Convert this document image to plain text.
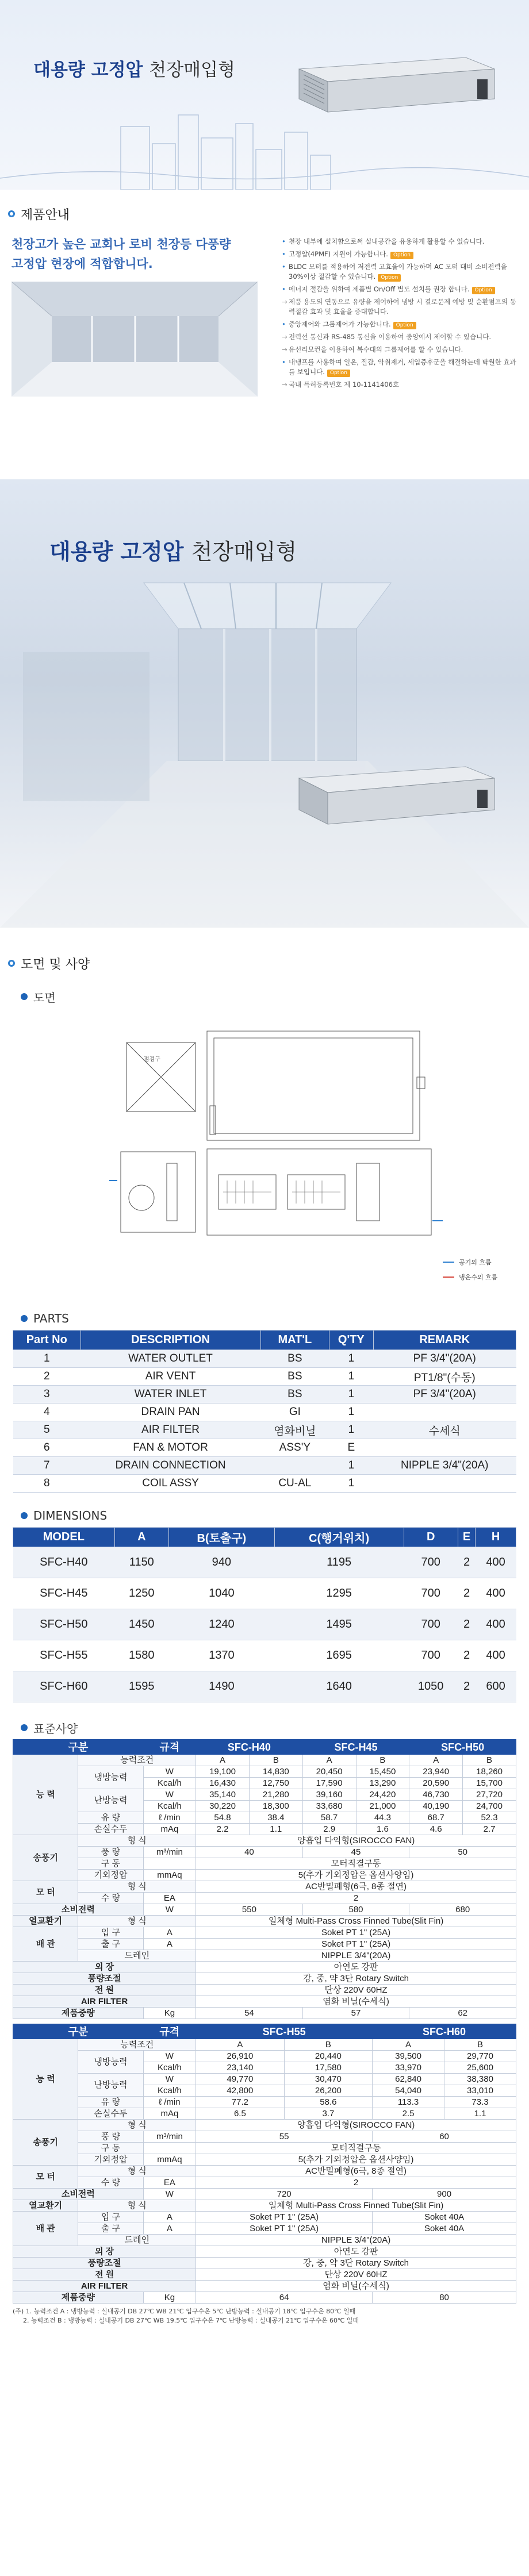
대용량 고정압 천장매입형
제품안내
천장고가 높은 교회나 로비 천장등 다풍량
고정압 현장에 적합합니다.
• 천장 내부에 설치함으로써 실내공간을 유용하게 활용할 수 있습니다.
• 고정압(4PMF) 지원이 가능합니다. Option
• BLDC 모터를 적용하여 저전력 고효율이 가능하며 AC 모터 대비 소비전력을 30%이상 절감할 수 있습니다. Option
• 에너지 절감을 위하여 제품별 On/Off 별도 설치를 권장 합니다. Option
→ 제품 용도의 연동으로 유량을 제어하여 냉방 시 결로문제 예방 및 순환펌프의 동력절감 효과 및 효율을 증대합니다.
• 중앙제어와 그룹제어가 가능합니다. Option
→ 전력선 통신과 RS-485 통신을 이용하여 중앙에서 제어할 수 있습니다.
→ 유선리모컨을 이용하여 복수대의 그룹제어를 할 수 있습니다.
• 내냉프를 사용하여 일온, 질감, 악취제거, 세입증후군을 해결하는데 탁월한 효과를 보입니다. Option
→ 국내 특허등록번호 제 10-1141406호
대용량 고정압 천장매입형
도면 및 사양
도면
점검구
공기의 흐름
냉온수의 흐름
PARTS
Part No	DESCRIPTION	MAT'L	Q'TY	REMARK
1	WATER OUTLET	BS	1	PF 3/4"(20A)
2	AIR VENT	BS	1	PT1/8"(수동)
3	WATER INLET	BS	1	PF 3/4"(20A)
4	DRAIN PAN	GI	1	
5	AIR FILTER	염화비닐	1	수세식
6	FAN & MOTOR	ASS'Y	E	
7	DRAIN CONNECTION		1	NIPPLE 3/4"(20A)
8	COIL ASSY	CU-AL	1	
DIMENSIONS
MODEL	A	B(토출구)	C(행거위치)	D	E	H
SFC-H40	1150	940	1195	700	2	400
SFC-H45	1250	1040	1295	700	2	400
SFC-H50	1450	1240	1495	700	2	400
SFC-H55	1580	1370	1695	700	2	400
SFC-H60	1595	1490	1640	1050	2	600
표준사양
구분		규격	SFC-H40		SFC-H45		SFC-H50	
능 력	능력조건		A	B	A	B	A	B
	냉방능력	W	19,100	14,830	20,450	15,450	23,940	18,260
		Kcal/h	16,430	12,750	17,590	13,290	20,590	15,700
	난방능력	W	35,140	21,280	39,160	24,420	46,730	27,720
		Kcal/h	30,220	18,300	33,680	21,000	40,190	24,700
	유 량	ℓ /min	54.8	38.4	58.7	44.3	68.7	52.3
	손실수두	mAq	2.2	1.1	2.9	1.6	4.6	2.7
송풍기	형 식		양흡입 다익형(SIROCCO FAN)					
	풍 량	m³/min	40		45		50	
	구 동		모터직결구동					
	기외정압	mmAq	5(추가 기외정압은 옵션사양임)					
모 터	형 식		AC반밀폐형(6극, 8종 절연)					
	수 량	EA	2					
소비전력		W	550		580		680	
열교환기	형 식		일체형 Multi-Pass Cross Finned Tube(Slit Fin)					
배 관	입 구	A	Soket PT 1" (25A)					
	출 구	A	Soket PT 1" (25A)					
	드레인		NIPPLE 3/4"(20A)					
외 장			아연도 강판					
풍량조절			강, 중, 약 3단 Rotary Switch					
전 원			단상 220V 60HZ					
AIR FILTER			염화 비닐(수세식)					
제품중량		Kg	54		57		62	
구분		규격	SFC-H55		SFC-H60	
능 력	능력조건		A	B	A	B
	냉방능력	W	26,910	20,440	39,500	29,770
		Kcal/h	23,140	17,580	33,970	25,600
	난방능력	W	49,770	30,470	62,840	38,380
		Kcal/h	42,800	26,200	54,040	33,010
	유 량	ℓ /min	77.2	58.6	113.3	73.3
	손실수두	mAq	6.5	3.7	2.5	1.1
송풍기	형 식		양흡입 다익형(SIROCCO FAN)			
	풍 량	m³/min	55		60	
	구 동		모터직결구동			
	기외정압	mmAq	5(추가 기외정압은 옵션사양임)			
모 터	형 식		AC반밀폐형(6극, 8종 절연)			
	수 량	EA	2			
소비전력		W	720		900	
열교환기	형 식		일체형 Multi-Pass Cross Finned Tube(Slit Fin)			
배 관	입 구	A	Soket PT 1" (25A)		Soket 40A	
	출 구	A	Soket PT 1" (25A)		Soket 40A	
	드레인		NIPPLE 3/4"(20A)			
외 장			아연도 강판			
풍량조절			강, 중, 약 3단 Rotary Switch			
전 원			단상 220V 60HZ			
AIR FILTER			염화 비닐(수세식)			
제품중량		Kg	64		80	
(주) 1. 능력조건 A : 냉방능력 : 실내공기 DB 27℃ WB 21℃ 입구수온 5℃ 난방능력 : 실내공기 18℃ 입구수온 80℃ 일때
2. 능력조건 B : 냉방능력 : 실내공기 DB 27℃ WB 19.5℃ 입구수온 7℃ 난방능력 : 실내공기 21℃ 입구수온 60℃ 일때
